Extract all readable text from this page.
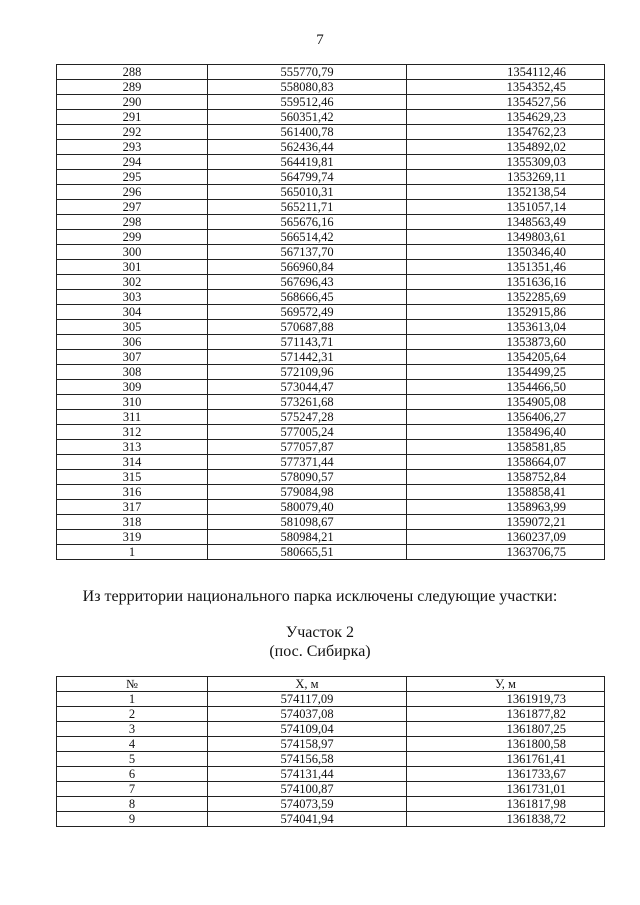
7
288	555770,79	1354112,46
289	558080,83	1354352,45
290	559512,46	1354527,56
291	560351,42	1354629,23
292	561400,78	1354762,23
293	562436,44	1354892,02
294	564419,81	1355309,03
295	564799,74	1353269,11
296	565010,31	1352138,54
297	565211,71	1351057,14
298	565676,16	1348563,49
299	566514,42	1349803,61
300	567137,70	1350346,40
301	566960,84	1351351,46
302	567696,43	1351636,16
303	568666,45	1352285,69
304	569572,49	1352915,86
305	570687,88	1353613,04
306	571143,71	1353873,60
307	571442,31	1354205,64
308	572109,96	1354499,25
309	573044,47	1354466,50
310	573261,68	1354905,08
311	575247,28	1356406,27
312	577005,24	1358496,40
313	577057,87	1358581,85
314	577371,44	1358664,07
315	578090,57	1358752,84
316	579084,98	1358858,41
317	580079,40	1358963,99
318	581098,67	1359072,21
319	580984,21	1360237,09
1	580665,51	1363706,75
Из территории национального парка исключены следующие участки:
Участок 2
(пос. Сибирка)
№	X, м	У, м
1	574117,09	1361919,73
2	574037,08	1361877,82
3	574109,04	1361807,25
4	574158,97	1361800,58
5	574156,58	1361761,41
6	574131,44	1361733,67
7	574100,87	1361731,01
8	574073,59	1361817,98
9	574041,94	1361838,72
